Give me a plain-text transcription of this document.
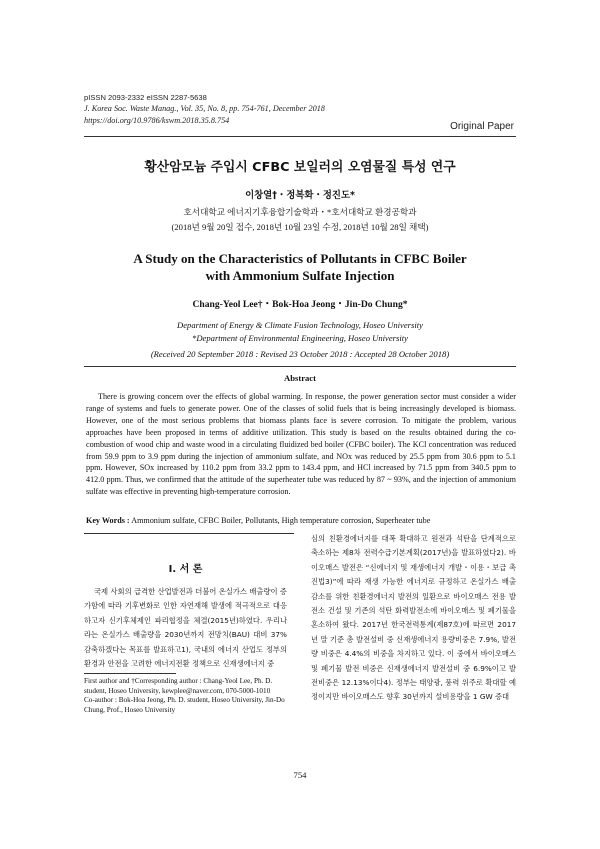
pISSN 2093-2332 eISSN 2287-5638
J. Korea Soc. Waste Manag., Vol. 35, No. 8, pp. 754-761, December 2018
https://doi.org/10.9786/kswm.2018.35.8.754
Original Paper
황산암모늄 주입시 CFBC 보일러의 오염물질 특성 연구
이창열†・정복화・정진도*
호서대학교 에너지기후융합기술학과・*호서대학교 환경공학과
(2018년 9월 20일 접수, 2018년 10월 23일 수정, 2018년 10월 28일 채택)
A Study on the Characteristics of Pollutants in CFBC Boiler
with Ammonium Sulfate Injection
Chang-Yeol Lee†・Bok-Hoa Jeong・Jin-Do Chung*
Department of Energy & Climate Fusion Technology, Hoseo University
*Department of Environmental Engineering, Hoseo University
(Received 20 September 2018 : Revised 23 October 2018 : Accepted 28 October 2018)
Abstract
There is growing concern over the effects of global warming. In response, the power generation sector must consider a wider range of systems and fuels to generate power. One of the classes of solid fuels that is being increasingly developed is biomass. However, one of the most serious problems that biomass plants face is severe corrosion. To mitigate the problem, various approaches have been proposed in terms of additive utilization. This study is based on the results obtained during the co-combustion of wood chip and waste wood in a circulating fluidized bed boiler (CFBC boiler). The KCl concentration was reduced from 59.9 ppm to 3.9 ppm during the injection of ammonium sulfate, and NOx was reduced by 25.5 ppm from 30.6 ppm to 5.1 ppm. However, SOx increased by 110.2 ppm from 33.2 ppm to 143.4 ppm, and HCl increased by 71.5 ppm from 340.5 ppm to 412.0 ppm. Thus, we confirmed that the attitude of the superheater tube was reduced by 87 ~ 93%, and the injection of ammonium sulfate was effective in preventing high-temperature corrosion.
Key Words : Ammonium sulfate, CFBC Boiler, Pollutants, High temperature corrosion, Superheater tube
I. 서 론
국제 사회의 급격한 산업발전과 더불어 온실가스 배출량이 증가함에 따라 기후변화로 인한 자연재해 발생에 적극적으로 대응하고자 신기후체제인 파리협정을 체결(2015년)하였다. 우리나라는 온실가스 배출량을 2030년까지 전망치(BAU) 대비 37% 감축하겠다는 목표를 발표하고1), 국내의 에너지 산업도 정부의 환경과 안전을 고려한 에너지전환 정책으로 신재생에너지 중
First author and †Corresponding author : Chang-Yeol Lee, Ph. D. student, Hoseo University, kewplee@naver.com, 070-5000-1010
Co-author : Bok-Hoa Jeong, Ph. D. student, Hoseo University, Jin-Do Chung, Prof., Hoseo University
심의 친환경에너지를 대폭 확대하고 원전과 석탄을 단계적으로 축소하는 제8차 전력수급기본계획(2017년)을 발표하였다2). 바이오매스 발전은 “신에너지 및 재생에너지 개발・이용・보급 촉진법3)”에 따라 재생 가능한 에너지로 규정하고 온실가스 배출 감소를 위한 친환경에너지 발전의 일환으로 바이오매스 전용 발전소 건설 및 기존의 석탄 화력발전소에 바이오매스 및 폐기물을 혼소하여 왔다. 2017년 한국전력통계(제87호)에 따르면 2017년 말 기준 총 발전설비 중 신재생에너지 용량비중은 7.9%, 발전량 비중은 4.4%의 비중을 차지하고 있다. 이 중에서 바이오매스 및 폐기물 발전 비중은 신재생에너지 발전설비 중 6.9%이고 발전비중은 12.13%이다4). 정부는 태양광, 풍력 위주로 확대할 예정이지만 바이오매스도 향후 30년까지 설비용량을 1 GW 증대
754
